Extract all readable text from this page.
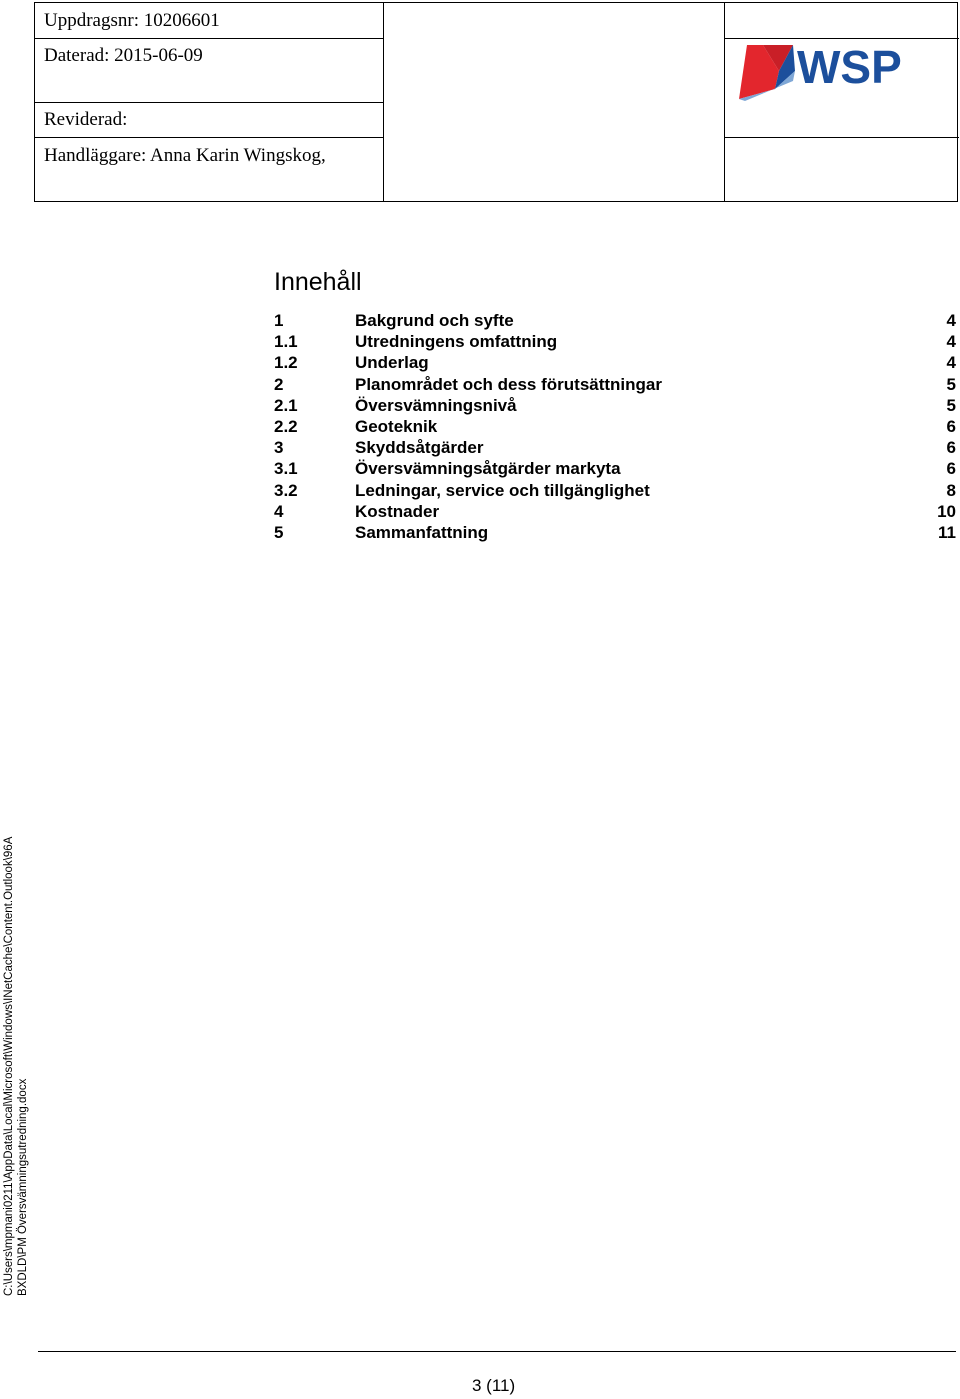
Uppdragsnr: 10206601
Daterad: 2015-06-09
Reviderad:
Handläggare: Anna Karin Wingskog,
WSP
Innehåll
1	Bakgrund och syfte	4
1.1	Utredningens omfattning	4
1.2	Underlag	4
2	Planområdet och dess förutsättningar	5
2.1	Översvämningsnivå	5
2.2	Geoteknik	6
3	Skyddsåtgärder	6
3.1	Översvämningsåtgärder markyta	6
3.2	Ledningar, service och tillgänglighet	8
4	Kostnader	10
5	Sammanfattning	11
C:\Users\mpmani0211\AppData\Local\Microsoft\Windows\INetCache\Content.Outlook\96A BXDLD\PM Översvämningsutredning.docx
3 (11)
